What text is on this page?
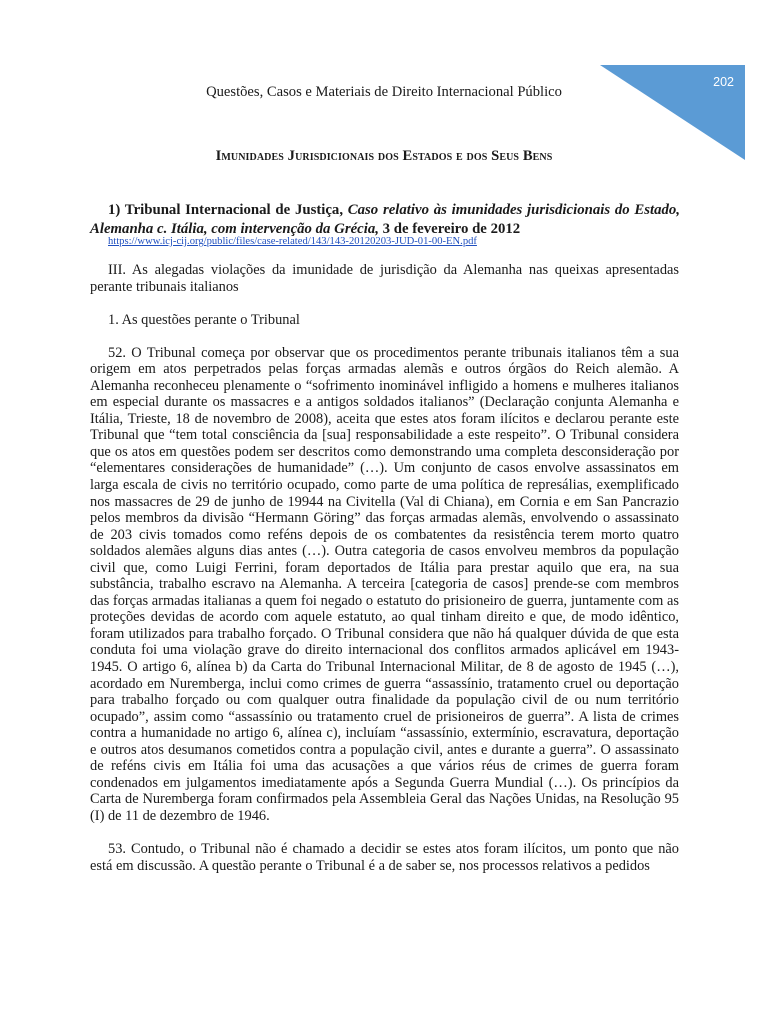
202
Questões, Casos e Materiais de Direito Internacional Público
Imunidades Jurisdicionais dos Estados e dos Seus Bens
1) Tribunal Internacional de Justiça, Caso relativo às imunidades jurisdicionais do Estado, Alemanha c. Itália, com intervenção da Grécia, 3 de fevereiro de 2012
https://www.icj-cij.org/public/files/case-related/143/143-20120203-JUD-01-00-EN.pdf

III. As alegadas violações da imunidade de jurisdição da Alemanha nas queixas apresentadas perante tribunais italianos

1. As questões perante o Tribunal

52. O Tribunal começa por observar que os procedimentos perante tribunais italianos têm a sua origem em atos perpetrados pelas forças armadas alemãs e outros órgãos do Reich alemão. A Alemanha reconheceu plenamente o “sofrimento inominável infligido a homens e mulheres italianos em especial durante os massacres e a antigos soldados italianos” (Declaração conjunta Alemanha e Itália, Trieste, 18 de novembro de 2008), aceita que estes atos foram ilícitos e declarou perante este Tribunal que “tem total consciência da [sua] responsabilidade a este respeito”. O Tribunal considera que os atos em questões podem ser descritos como demonstrando uma completa desconsideração por “elementares considerações de humanidade” (…). Um conjunto de casos envolve assassinatos em larga escala de civis no território ocupado, como parte de uma política de represálias, exemplificado nos massacres de 29 de junho de 19944 na Civitella (Val di Chiana), em Cornia e em San Pancrazio pelos membros da divisão “Hermann Göring” das forças armadas alemãs, envolvendo o assassinato de 203 civis tomados como reféns depois de os combatentes da resistência terem morto quatro soldados alemães alguns dias antes (…). Outra categoria de casos envolveu membros da população civil que, como Luigi Ferrini, foram deportados de Itália para prestar aquilo que era, na sua substância, trabalho escravo na Alemanha. A terceira [categoria de casos] prende-se com membros das forças armadas italianas a quem foi negado o estatuto do prisioneiro de guerra, juntamente com as proteções devidas de acordo com aquele estatuto, ao qual tinham direito e que, de modo idêntico, foram utilizados para trabalho forçado. O Tribunal considera que não há qualquer dúvida de que esta conduta foi uma violação grave do direito internacional dos conflitos armados aplicável em 1943-1945. O artigo 6, alínea b) da Carta do Tribunal Internacional Militar, de 8 de agosto de 1945 (…), acordado em Nuremberga, inclui como crimes de guerra “assassínio, tratamento cruel ou deportação para trabalho forçado ou com qualquer outra finalidade da população civil de ou num território ocupado”, assim como “assassínio ou tratamento cruel de prisioneiros de guerra”. A lista de crimes contra a humanidade no artigo 6, alínea c), incluíam “assassínio, extermínio, escravatura, deportação e outros atos desumanos cometidos contra a população civil, antes e durante a guerra”. O assassinato de reféns civis em Itália foi uma das acusações a que vários réus de crimes de guerra foram condenados em julgamentos imediatamente após a Segunda Guerra Mundial (…). Os princípios da Carta de Nuremberga foram confirmados pela Assembleia Geral das Nações Unidas, na Resolução 95 (I) de 11 de dezembro de 1946.

53. Contudo, o Tribunal não é chamado a decidir se estes atos foram ilícitos, um ponto que não está em discussão. A questão perante o Tribunal é a de saber se, nos processos relativos a pedidos
